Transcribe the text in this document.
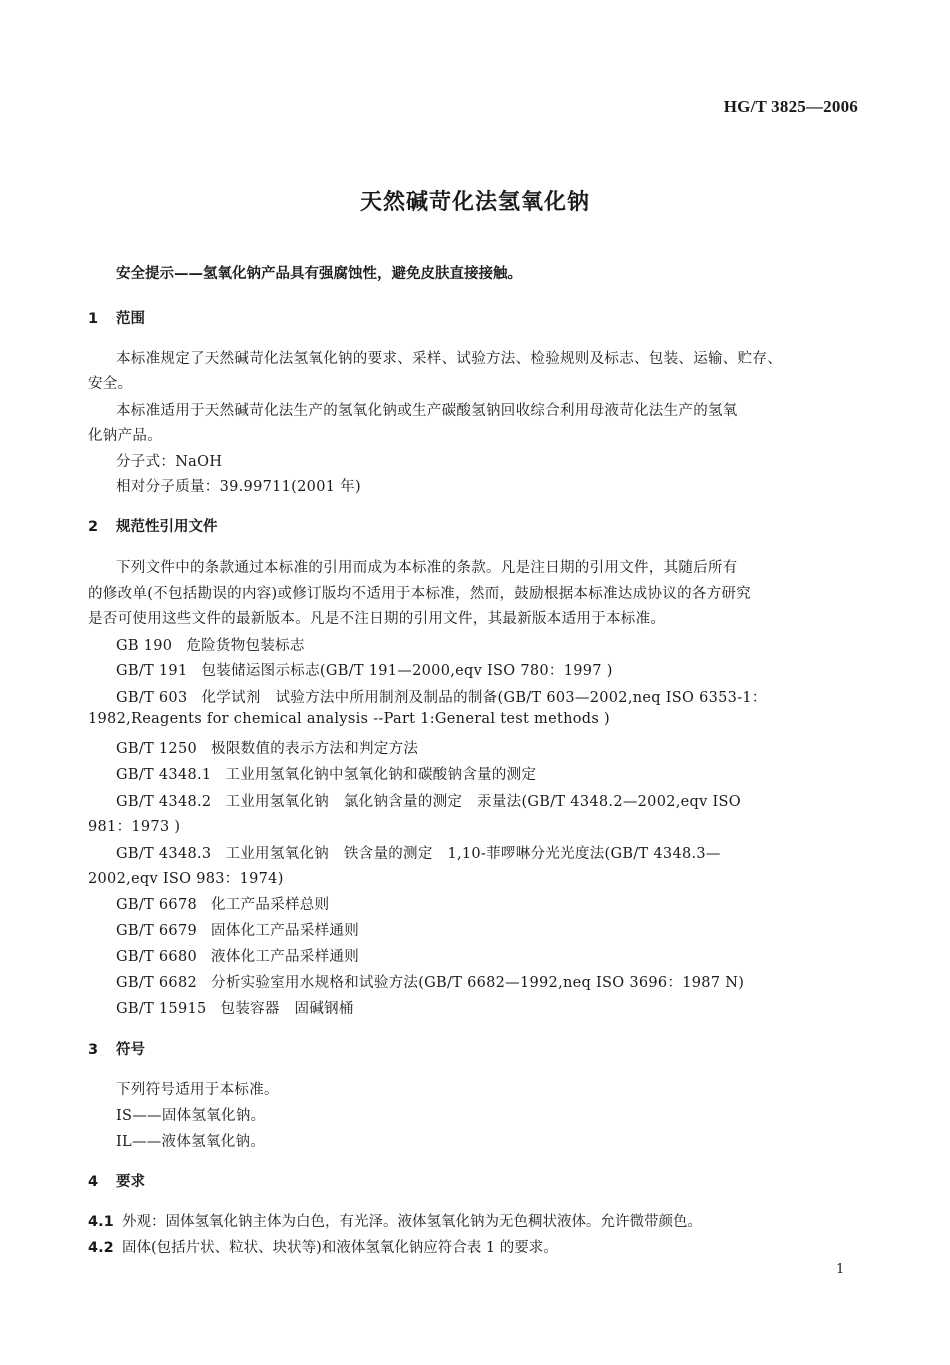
HG/T 3825—2006
天然碱苛化法氢氧化钠
安全提示——氢氧化钠产品具有强腐蚀性，避免皮肤直接接触。
1 范围
本标准规定了天然碱苛化法氢氧化钠的要求、采样、试验方法、检验规则及标志、包装、运输、贮存、
安全。
本标准适用于天然碱苛化法生产的氢氧化钠或生产碳酸氢钠回收综合利用母液苛化法生产的氢氧
化钠产品。
分子式：NaOH
相对分子质量：39.99711(2001 年)
2 规范性引用文件
下列文件中的条款通过本标准的引用而成为本标准的条款。凡是注日期的引用文件，其随后所有
的修改单(不包括勘误的内容)或修订版均不适用于本标准，然而，鼓励根据本标准达成协议的各方研究
是否可使用这些文件的最新版本。凡是不注日期的引用文件，其最新版本适用于本标准。
GB 190 危险货物包装标志
GB/T 191 包装储运图示标志(GB/T 191—2000,eqv ISO 780：1997 )
GB/T 603 化学试剂　试验方法中所用制剂及制品的制备(GB/T 603—2002,neq ISO 6353-1：
1982,Reagents for chemical analysis --Part 1:General test methods )
GB/T 1250 极限数值的表示方法和判定方法
GB/T 4348.1 工业用氢氧化钠中氢氧化钠和碳酸钠含量的测定
GB/T 4348.2 工业用氢氧化钠　氯化钠含量的测定　汞量法(GB/T 4348.2—2002,eqv ISO
981：1973 )
GB/T 4348.3 工业用氢氧化钠　铁含量的测定　1,10-菲啰啉分光光度法(GB/T 4348.3—
2002,eqv ISO 983：1974)
GB/T 6678 化工产品采样总则
GB/T 6679 固体化工产品采样通则
GB/T 6680 液体化工产品采样通则
GB/T 6682 分析实验室用水规格和试验方法(GB/T 6682—1992,neq ISO 3696：1987 N)
GB/T 15915 包装容器　固碱钢桶
3 符号
下列符号适用于本标准。
IS——固体氢氧化钠。
IL——液体氢氧化钠。
4 要求
4.1 外观：固体氢氧化钠主体为白色，有光泽。液体氢氧化钠为无色稠状液体。允许微带颜色。
4.2 固体(包括片状、粒状、块状等)和液体氢氧化钠应符合表 1 的要求。
1
